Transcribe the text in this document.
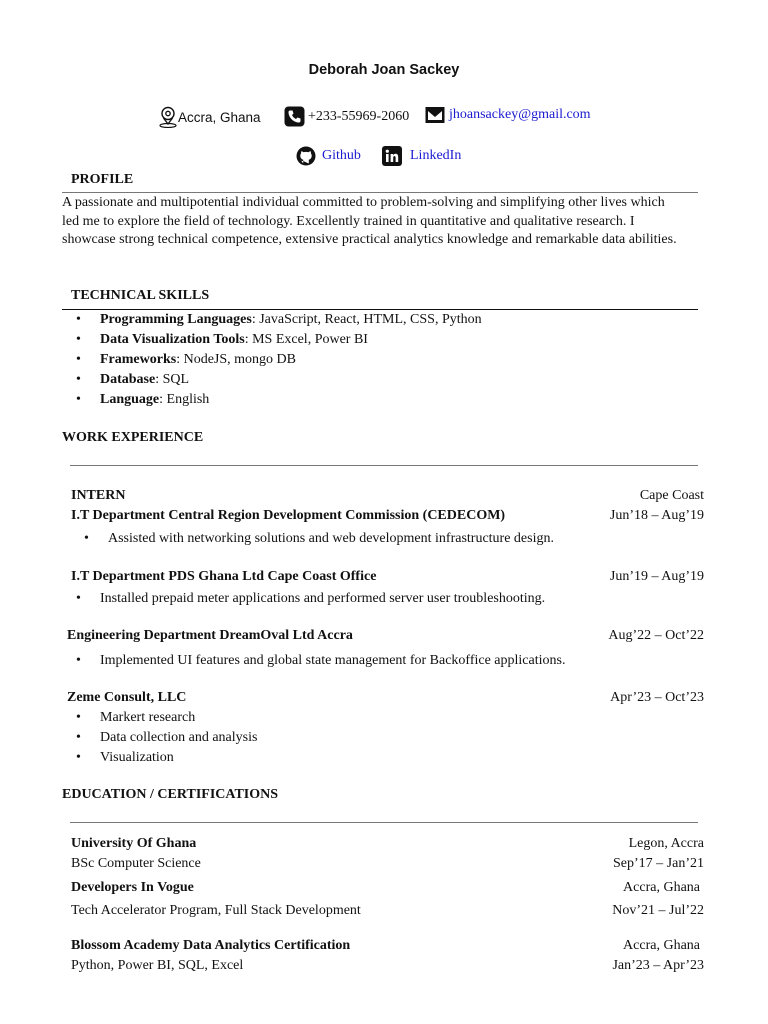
Deborah Joan Sackey
Accra, Ghana	+233-55969-2060	jhoansackey@gmail.com
Github	LinkedIn
PROFILE
A passionate and multipotential individual committed to problem-solving and simplifying other lives which led me to explore the field of technology. Excellently trained in quantitative and qualitative research. I showcase strong technical competence, extensive practical analytics knowledge and remarkable data abilities.
TECHNICAL SKILLS
• Programming Languages: JavaScript, React, HTML, CSS, Python
• Data Visualization Tools: MS Excel, Power BI
• Frameworks: NodeJS, mongo DB
• Database: SQL
• Language: English
WORK EXPERIENCE
INTERN	Cape Coast
I.T Department Central Region Development Commission (CEDECOM)	Jun’18 – Aug’19
• Assisted with networking solutions and web development infrastructure design.
I.T Department PDS Ghana Ltd Cape Coast Office	Jun’19 – Aug’19
• Installed prepaid meter applications and performed server user troubleshooting.
Engineering Department DreamOval Ltd Accra	Aug’22 – Oct’22
• Implemented UI features and global state management for Backoffice applications.
Zeme Consult, LLC	Apr’23 – Oct’23
• Markert research
• Data collection and analysis
• Visualization
EDUCATION / CERTIFICATIONS
University Of Ghana	Legon, Accra
BSc Computer Science	Sep’17 – Jan’21
Developers In Vogue	Accra, Ghana
Tech Accelerator Program, Full Stack Development	Nov’21 – Jul’22
Blossom Academy Data Analytics Certification	Accra, Ghana
Python, Power BI, SQL, Excel	Jan’23 – Apr’23
